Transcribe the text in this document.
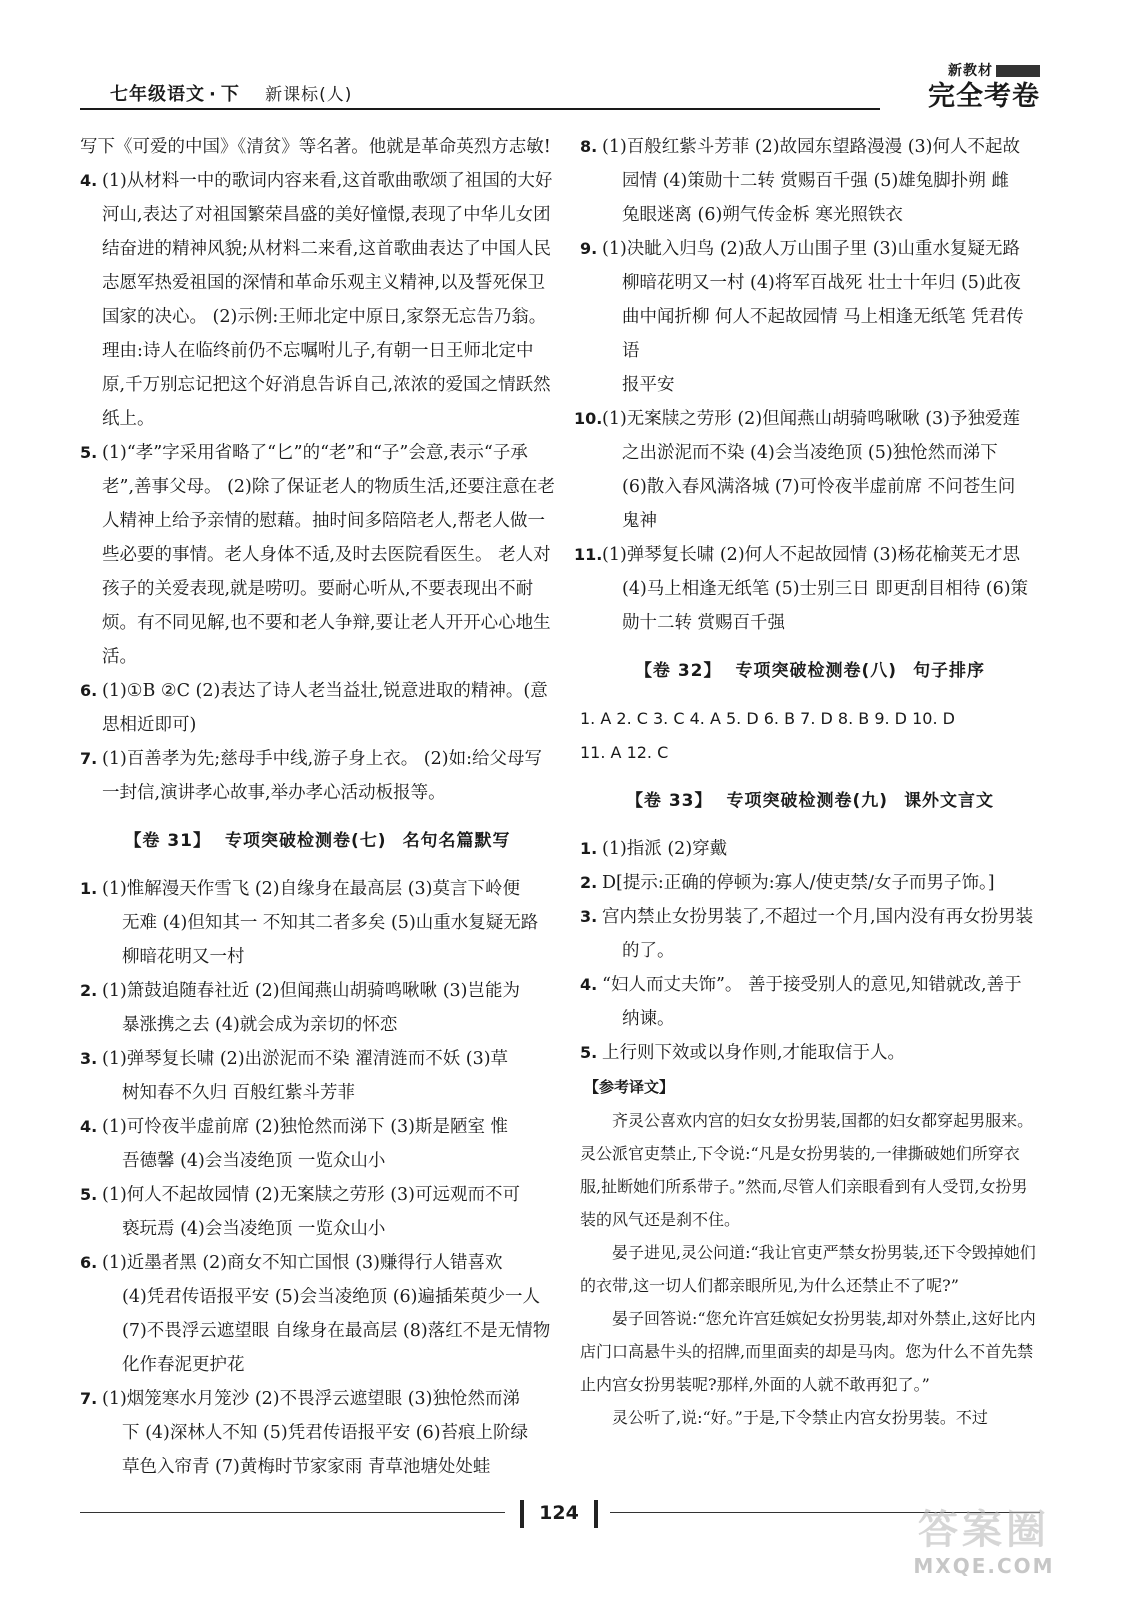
七年级语文 · 下 新课标(人)
新教材
完全考卷
写下《可爱的中国》《清贫》等名著。他就是革命英烈方志敏!
4. (1)从材料一中的歌词内容来看,这首歌曲歌颂了祖国的大好河山,表达了对祖国繁荣昌盛的美好憧憬,表现了中华儿女团结奋进的精神风貌;从材料二来看,这首歌曲表达了中国人民志愿军热爱祖国的深情和革命乐观主义精神,以及誓死保卫国家的决心。 (2)示例:王师北定中原日,家祭无忘告乃翁。理由:诗人在临终前仍不忘嘱咐儿子,有朝一日王师北定中原,千万别忘记把这个好消息告诉自己,浓浓的爱国之情跃然纸上。
5. (1)“孝”字采用省略了“匕”的“老”和“子”会意,表示“子承老”,善事父母。 (2)除了保证老人的物质生活,还要注意在老人精神上给予亲情的慰藉。抽时间多陪陪老人,帮老人做一些必要的事情。老人身体不适,及时去医院看医生。 老人对孩子的关爱表现,就是唠叨。要耐心听从,不要表现出不耐烦。有不同见解,也不要和老人争辩,要让老人开开心心地生活。
6. (1)①B ②C (2)表达了诗人老当益壮,锐意进取的精神。(意思相近即可)
7. (1)百善孝为先;慈母手中线,游子身上衣。 (2)如:给父母写一封信,演讲孝心故事,举办孝心活动板报等。
【卷 31】 专项突破检测卷(七) 名句名篇默写
1. (1)惟解漫天作雪飞 (2)自缘身在最高层 (3)莫言下岭便
无难 (4)但知其一 不知其二者多矣 (5)山重水复疑无路
柳暗花明又一村
2. (1)箫鼓追随春社近 (2)但闻燕山胡骑鸣啾啾 (3)岂能为
暴涨携之去 (4)就会成为亲切的怀恋
3. (1)弹琴复长啸 (2)出淤泥而不染 濯清涟而不妖 (3)草
树知春不久归 百般红紫斗芳菲
4. (1)可怜夜半虚前席 (2)独怆然而涕下 (3)斯是陋室 惟
吾德馨 (4)会当凌绝顶 一览众山小
5. (1)何人不起故园情 (2)无案牍之劳形 (3)可远观而不可
亵玩焉 (4)会当凌绝顶 一览众山小
6. (1)近墨者黑 (2)商女不知亡国恨 (3)赚得行人错喜欢
(4)凭君传语报平安 (5)会当凌绝顶 (6)遍插茱萸少一人
(7)不畏浮云遮望眼 自缘身在最高层 (8)落红不是无情物
化作春泥更护花
7. (1)烟笼寒水月笼沙 (2)不畏浮云遮望眼 (3)独怆然而涕
下 (4)深林人不知 (5)凭君传语报平安 (6)苔痕上阶绿
草色入帘青 (7)黄梅时节家家雨 青草池塘处处蛙
8. (1)百般红紫斗芳菲 (2)故园东望路漫漫 (3)何人不起故
园情 (4)策勋十二转 赏赐百千强 (5)雄兔脚扑朔 雌
兔眼迷离 (6)朔气传金柝 寒光照铁衣
9. (1)决眦入归鸟 (2)敌人万山围子里 (3)山重水复疑无路
柳暗花明又一村 (4)将军百战死 壮士十年归 (5)此夜
曲中闻折柳 何人不起故园情 马上相逢无纸笔 凭君传语
报平安
10. (1)无案牍之劳形 (2)但闻燕山胡骑鸣啾啾 (3)予独爱莲
之出淤泥而不染 (4)会当凌绝顶 (5)独怆然而涕下
(6)散入春风满洛城 (7)可怜夜半虚前席 不问苍生问
鬼神
11. (1)弹琴复长啸 (2)何人不起故园情 (3)杨花榆荚无才思
(4)马上相逢无纸笔 (5)士别三日 即更刮目相待 (6)策
勋十二转 赏赐百千强
【卷 32】 专项突破检测卷(八) 句子排序
1. A 2. C 3. C 4. A 5. D 6. B 7. D 8. B 9. D 10. D
11. A 12. C
【卷 33】 专项突破检测卷(九) 课外文言文
1. (1)指派 (2)穿戴
2. D[提示:正确的停顿为:寡人/使吏禁/女子而男子饰。]
3. 宫内禁止女扮男装了,不超过一个月,国内没有再女扮男装
的了。
4. “妇人而丈夫饰”。 善于接受别人的意见,知错就改,善于
纳谏。
5. 上行则下效或以身作则,才能取信于人。
【参考译文】
齐灵公喜欢内宫的妇女女扮男装,国都的妇女都穿起男服来。灵公派官吏禁止,下令说:“凡是女扮男装的,一律撕破她们所穿衣服,扯断她们所系带子。”然而,尽管人们亲眼看到有人受罚,女扮男装的风气还是刹不住。
晏子进见,灵公问道:“我让官吏严禁女扮男装,还下令毁掉她们的衣带,这一切人们都亲眼所见,为什么还禁止不了呢?”
晏子回答说:“您允许宫廷嫔妃女扮男装,却对外禁止,这好比内店门口高悬牛头的招牌,而里面卖的却是马肉。您为什么不首先禁止内宫女扮男装呢?那样,外面的人就不敢再犯了。”
灵公听了,说:“好。”于是,下令禁止内宫女扮男装。不过
124	答案圈
MXQE.COM
